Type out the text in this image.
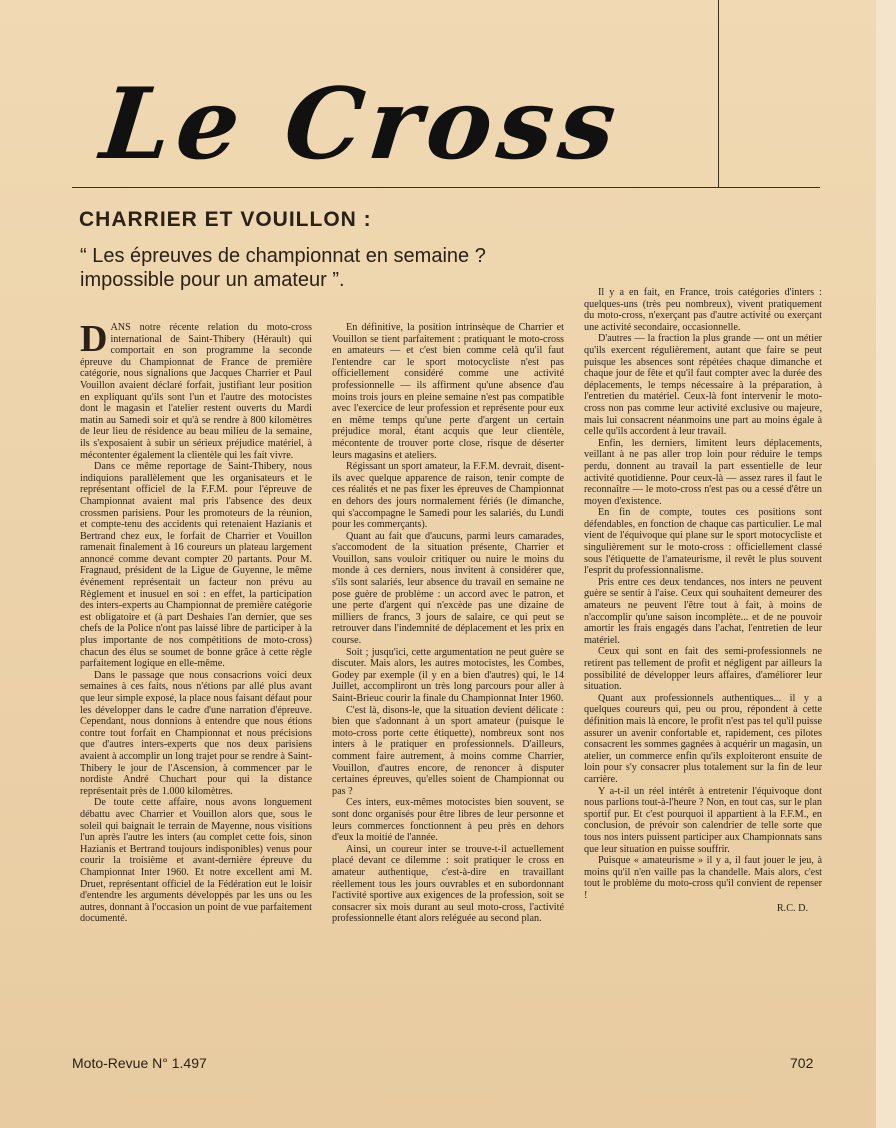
Le Cross
CHARRIER ET VOUILLON :
“ Les épreuves de championnat en semaine ? impossible pour un amateur ”.

DANS notre récente relation du moto-cross international de Saint-Thibery (Hérault) qui comportait en son programme la seconde épreuve du Championnat de France de première catégorie, nous signalions que Jacques Charrier et Paul Vouillon avaient déclaré forfait, justifiant leur position en expliquant qu'ils sont l'un et l'autre des motocistes dont le magasin et l'atelier restent ouverts du Mardi matin au Samedi soir et qu'à se rendre à 800 kilomètres de leur lieu de résidence au beau milieu de la semaine, ils s'exposaient à subir un sérieux préjudice matériel, à mécontenter également la clientèle qui les fait vivre.

Dans ce même reportage de Saint-Thibery, nous indiquions parallèlement que les organisateurs et le représentant officiel de la F.F.M. pour l'épreuve de Championnat avaient mal pris l'absence des deux crossmen parisiens. Pour les promoteurs de la réunion, et compte-tenu des accidents qui retenaient Hazianis et Bertrand chez eux, le forfait de Charrier et Vouillon ramenait finalement à 16 coureurs un plateau largement annoncé comme devant compter 20 partants. Pour M. Fragnaud, président de la Ligue de Guyenne, le même événement représentait un facteur non prévu au Règlement et inusuel en soi : en effet, la participation des inters-experts au Championnat de première catégorie est obligatoire et (à part Deshaies l'an dernier, que ses chefs de la Police n'ont pas laissé libre de participer à la plus importante de nos compétitions de moto-cross) chacun des élus se soumet de bonne grâce à cette règle parfaitement logique en elle-même.

Dans le passage que nous consacrions voici deux semaines à ces faits, nous n'étions par allé plus avant que leur simple exposé, la place nous faisant défaut pour les développer dans le cadre d'une narration d'épreuve. Cependant, nous donnions à entendre que nous étions contre tout forfait en Championnat et nous précisions que d'autres inters-experts que nos deux parisiens avaient à accomplir un long trajet pour se rendre à Saint-Thibery le jour de l'Ascension, à commencer par le nordiste André Chuchart pour qui la distance représentait près de 1.000 kilomètres.

De toute cette affaire, nous avons longuement débattu avec Charrier et Vouillon alors que, sous le soleil qui baignait le terrain de Mayenne, nous visitions l'un après l'autre les inters (au complet cette fois, sinon Hazianis et Bertrand toujours indisponibles) venus pour courir la troisième et avant-dernière épreuve du Championnat Inter 1960. Et notre excellent ami M. Druet, représentant officiel de la Fédération eut le loisir d'entendre les arguments développés par les uns ou les autres, donnant à l'occasion un point de vue parfaitement documenté.

En définitive, la position intrinsèque de Charrier et Vouillon se tient parfaitement : pratiquant le moto-cross en amateurs — et c'est bien comme celà qu'il faut l'entendre car le sport motocycliste n'est pas officiellement considéré comme une activité professionnelle — ils affirment qu'une absence d'au moins trois jours en pleine semaine n'est pas compatible avec l'exercice de leur profession et représente pour eux en même temps qu'une perte d'argent un certain préjudice moral, étant acquis que leur clientèle, mécontente de trouver porte close, risque de déserter leurs magasins et ateliers.

Régissant un sport amateur, la F.F.M. devrait, disent-ils avec quelque apparence de raison, tenir compte de ces réalités et ne pas fixer les épreuves de Championnat en dehors des jours normalement fériés (le dimanche, qui s'accompagne le Samedi pour les salariés, du Lundi pour les commerçants).

Quant au fait que d'aucuns, parmi leurs camarades, s'accomodent de la situation présente, Charrier et Vouillon, sans vouloir critiquer ou nuire le moins du monde à ces derniers, nous invitent à considérer que, s'ils sont salariés, leur absence du travail en semaine ne pose guère de problème : un accord avec le patron, et une perte d'argent qui n'excède pas une dizaine de milliers de francs, 3 jours de salaire, ce qui peut se retrouver dans l'indemnité de déplacement et les prix en course.

Soit ; jusqu'ici, cette argumentation ne peut guère se discuter. Mais alors, les autres motocistes, les Combes, Godey par exemple (il y en a bien d'autres) qui, le 14 Juillet, accompliront un très long parcours pour aller à Saint-Brieuc courir la finale du Championnat Inter 1960.

C'est là, disons-le, que la situation devient délicate : bien que s'adonnant à un sport amateur (puisque le moto-cross porte cette étiquette), nombreux sont nos inters à le pratiquer en professionnels. D'ailleurs, comment faire autrement, à moins comme Charrier, Vouillon, d'autres encore, de renoncer à disputer certaines épreuves, qu'elles soient de Championnat ou pas ?

Ces inters, eux-mêmes motocistes bien souvent, se sont donc organisés pour être libres de leur personne et leurs commerces fonctionnent à peu près en dehors d'eux la moitié de l'année.

Ainsi, un coureur inter se trouve-t-il actuellement placé devant ce dilemme : soit pratiquer le cross en amateur authentique, c'est-à-dire en travaillant réellement tous les jours ouvrables et en subordonnant l'activité sportive aux exigences de la profession, soit se consacrer six mois durant au seul moto-cross, l'activité professionnelle étant alors reléguée au second plan.

Il y a en fait, en France, trois catégories d'inters : quelques-uns (très peu nombreux), vivent pratiquement du moto-cross, n'exerçant pas d'autre activité ou exerçant une activité secondaire, occasionnelle.

D'autres — la fraction la plus grande — ont un métier qu'ils exercent régulièrement, autant que faire se peut puisque les absences sont répétées chaque dimanche et chaque jour de fête et qu'il faut compter avec la durée des déplacements, le temps nécessaire à la préparation, à l'entretien du matériel. Ceux-là font intervenir le moto-cross non pas comme leur activité exclusive ou majeure, mais lui consacrent néanmoins une part au moins égale à celle qu'ils accordent à leur travail.

Enfin, les derniers, limitent leurs déplacements, veillant à ne pas aller trop loin pour réduire le temps perdu, donnent au travail la part essentielle de leur activité quotidienne. Pour ceux-là — assez rares il faut le reconnaître — le moto-cross n'est pas ou a cessé d'être un moyen d'existence.

En fin de compte, toutes ces positions sont défendables, en fonction de chaque cas particulier. Le mal vient de l'équivoque qui plane sur le sport motocycliste et singulièrement sur le moto-cross : officiellement classé sous l'étiquette de l'amateurisme, il revêt le plus souvent l'esprit du professionnalisme.

Pris entre ces deux tendances, nos inters ne peuvent guère se sentir à l'aise. Ceux qui souhaitent demeurer des amateurs ne peuvent l'être tout à fait, à moins de n'accomplir qu'une saison incomplète... et de ne pouvoir amortir les frais engagés dans l'achat, l'entretien de leur matériel.

Ceux qui sont en fait des semi-professionnels ne retirent pas tellement de profit et négligent par ailleurs la possibilité de développer leurs affaires, d'améliorer leur situation.

Quant aux professionnels authentiques... il y a quelques coureurs qui, peu ou prou, répondent à cette définition mais là encore, le profit n'est pas tel qu'il puisse assurer un avenir confortable et, rapidement, ces pilotes consacrent les sommes gagnées à acquérir un magasin, un atelier, un commerce enfin qu'ils exploiteront ensuite de loin pour s'y consacrer plus totalement sur la fin de leur carrière.

Y a-t-il un réel intérêt à entretenir l'équivoque dont nous parlions tout-à-l'heure ? Non, en tout cas, sur le plan sportif pur. Et c'est pourquoi il appartient à la F.F.M., en conclusion, de prévoir son calendrier de telle sorte que tous nos inters puissent participer aux Championnats sans que leur situation en puisse souffrir.

Puisque « amateurisme » il y a, il faut jouer le jeu, à moins qu'il n'en vaille pas la chandelle. Mais alors, c'est tout le problème du moto-cross qu'il convient de repenser !

R.C. D.
Moto-Revue N° 1.497	702
